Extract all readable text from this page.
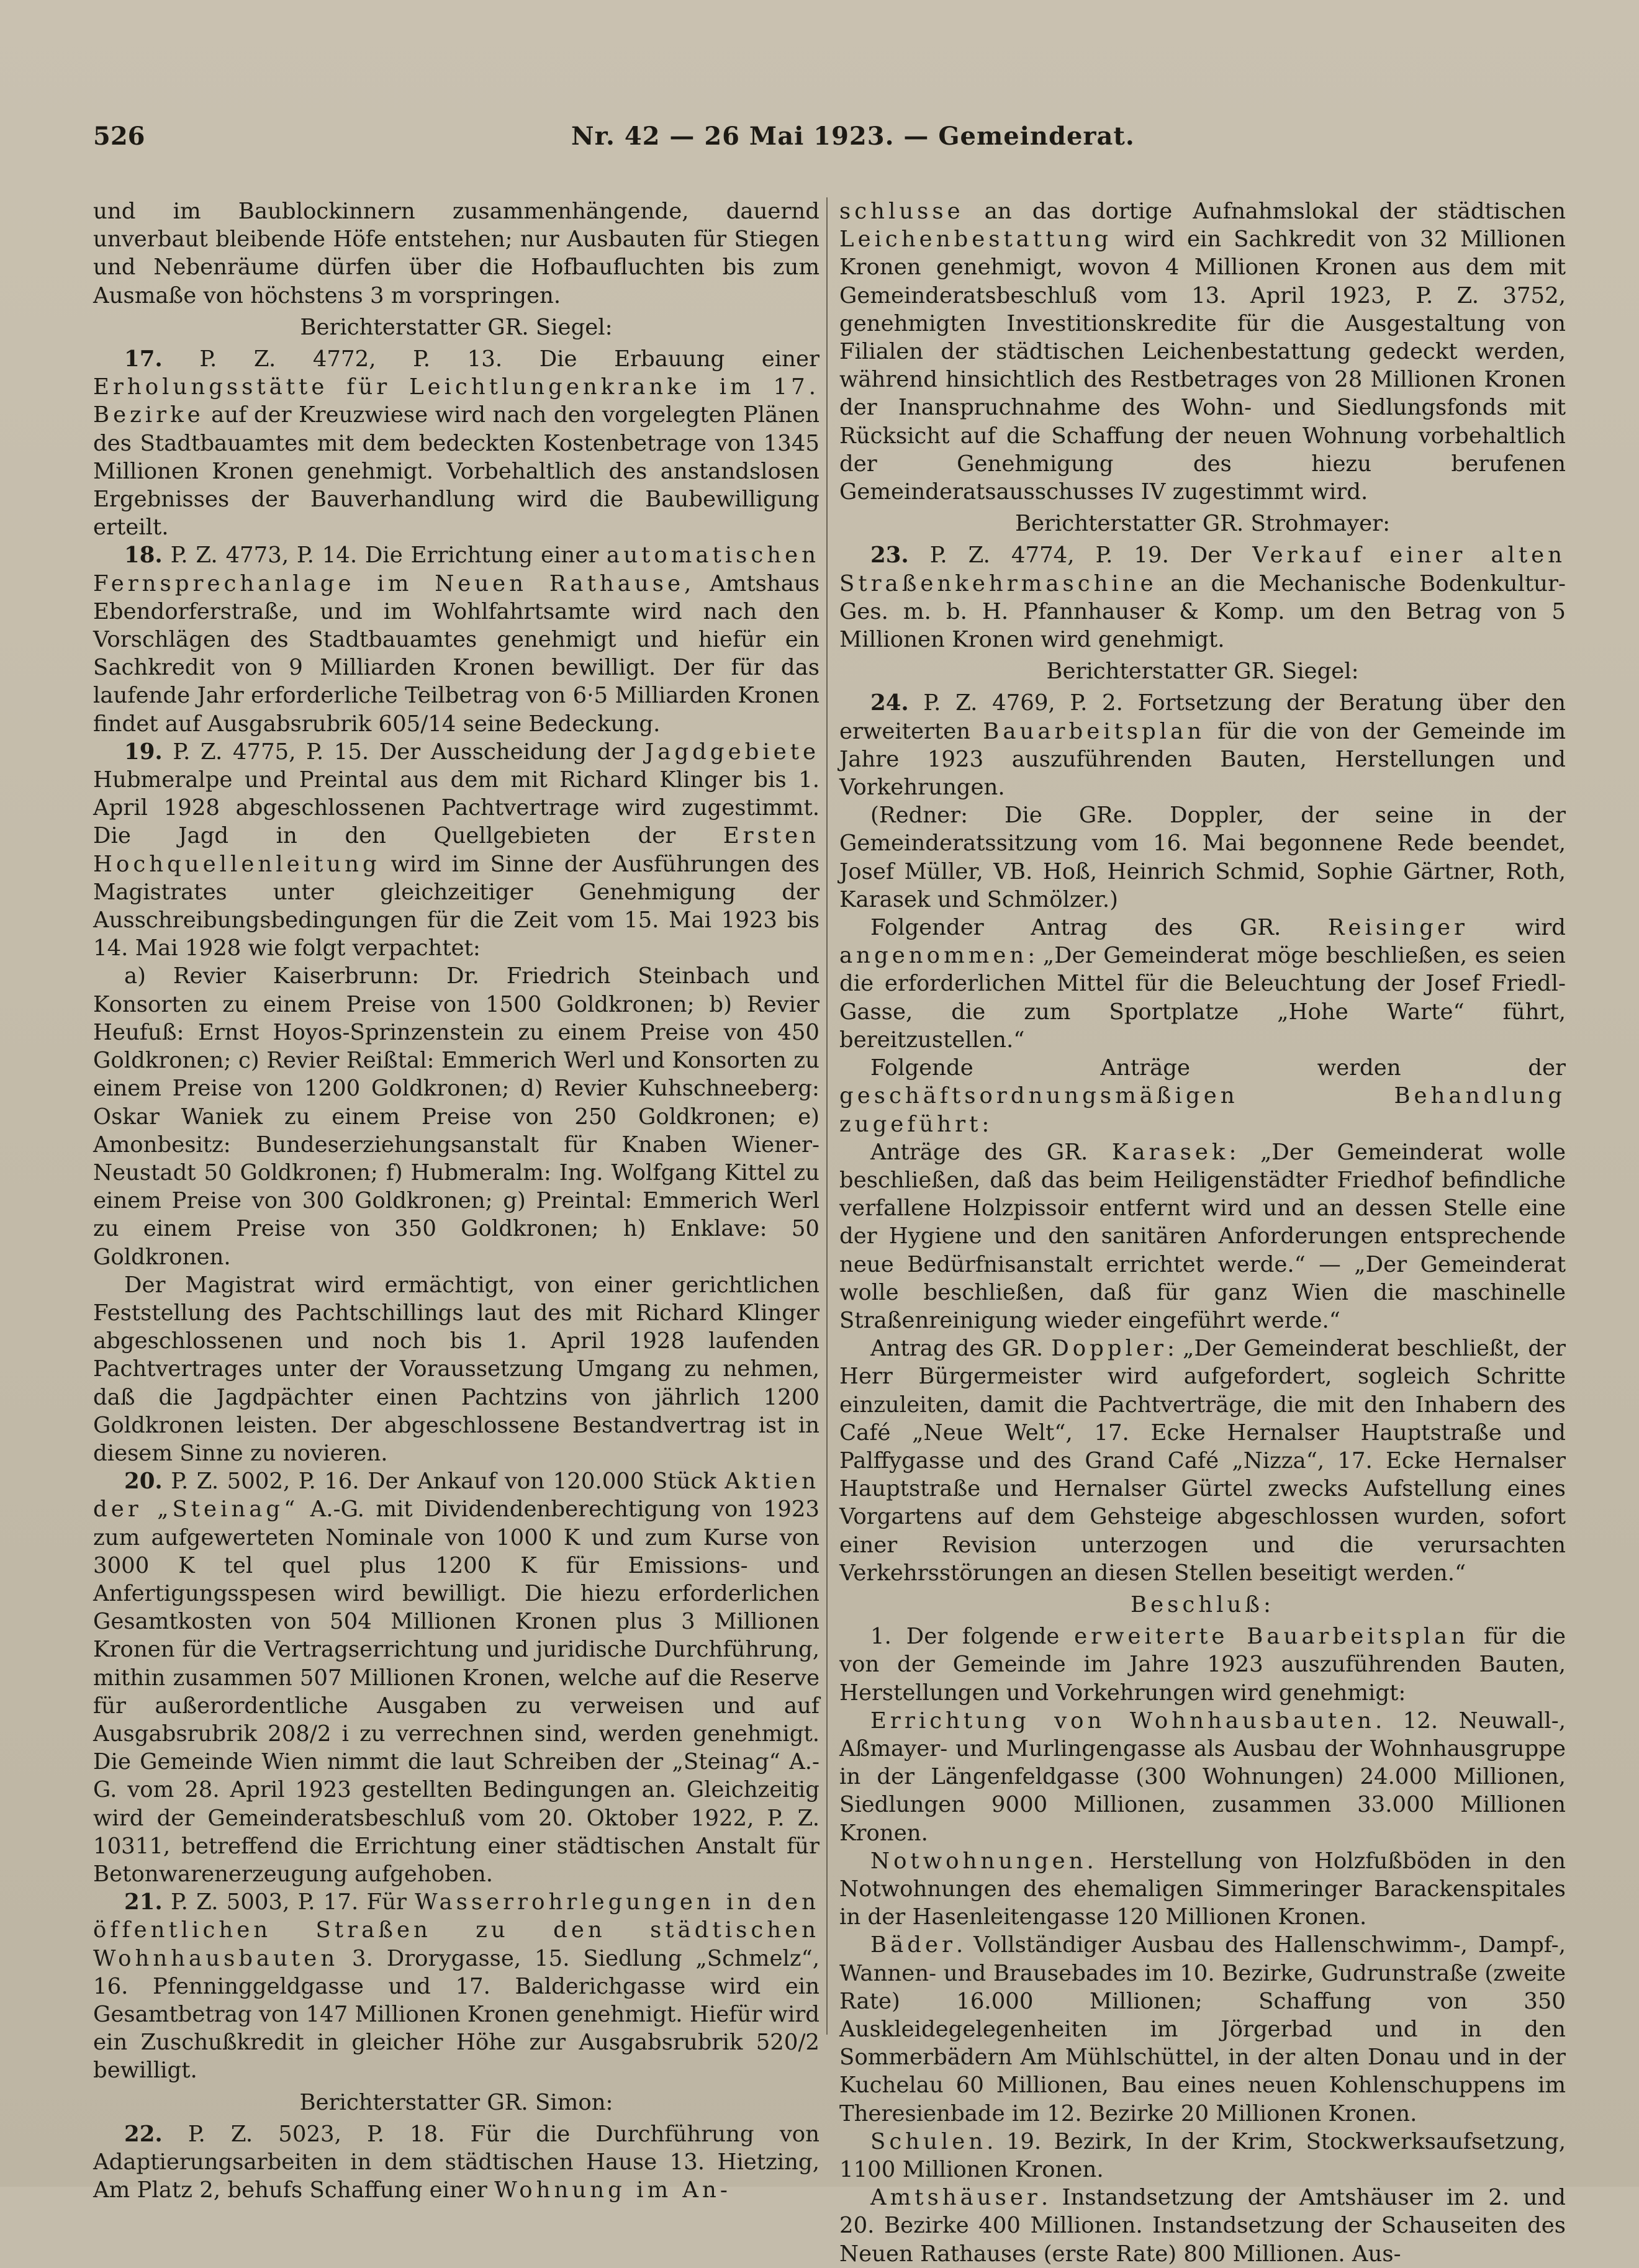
526	Nr. 42 — 26 Mai 1923. — Gemeinderat.

und im Baublockinnern zusammenhängende, dauernd unverbaut bleibende Höfe entstehen; nur Ausbauten für Stiegen und Nebenräume dürfen über die Hofbaufluchten bis zum Ausmaße von höchstens 3 m vorspringen.

Berichterstatter GR. Siegel:

17. P. Z. 4772, P. 13. Die Erbauung einer Erholungsstätte für Leichtlungenkranke im 17. Bezirke auf der Kreuzwiese wird nach den vorgelegten Plänen des Stadtbauamtes mit dem bedeckten Kostenbetrage von 1345 Millionen Kronen genehmigt. Vorbehaltlich des anstandslosen Ergebnisses der Bauverhandlung wird die Baubewilligung erteilt.

18. P. Z. 4773, P. 14. Die Errichtung einer automatischen Fernsprechanlage im Neuen Rathause, Amtshaus Ebendorferstraße, und im Wohlfahrtsamte wird nach den Vorschlägen des Stadtbauamtes genehmigt und hiefür ein Sachkredit von 9 Milliarden Kronen bewilligt. Der für das laufende Jahr erforderliche Teilbetrag von 6·5 Milliarden Kronen findet auf Ausgabsrubrik 605/14 seine Bedeckung.

19. P. Z. 4775, P. 15. Der Ausscheidung der Jagdgebiete Hubmeralpe und Preintal aus dem mit Richard Klinger bis 1. April 1928 abgeschlossenen Pachtvertrage wird zugestimmt. Die Jagd in den Quellgebieten der Ersten Hochquellenleitung wird im Sinne der Ausführungen des Magistrates unter gleichzeitiger Genehmigung der Ausschreibungsbedingungen für die Zeit vom 15. Mai 1923 bis 14. Mai 1928 wie folgt verpachtet:

a) Revier Kaiserbrunn: Dr. Friedrich Steinbach und Konsorten zu einem Preise von 1500 Goldkronen; b) Revier Heufuß: Ernst Hoyos-Sprinzenstein zu einem Preise von 450 Goldkronen; c) Revier Reißtal: Emmerich Werl und Konsorten zu einem Preise von 1200 Goldkronen; d) Revier Kuhschneeberg: Oskar Waniek zu einem Preise von 250 Goldkronen; e) Amonbesitz: Bundeserziehungsanstalt für Knaben Wiener-Neustadt 50 Goldkronen; f) Hubmeralm: Ing. Wolfgang Kittel zu einem Preise von 300 Goldkronen; g) Preintal: Emmerich Werl zu einem Preise von 350 Goldkronen; h) Enklave: 50 Goldkronen.

Der Magistrat wird ermächtigt, von einer gerichtlichen Feststellung des Pachtschillings laut des mit Richard Klinger abgeschlossenen und noch bis 1. April 1928 laufenden Pachtvertrages unter der Voraussetzung Umgang zu nehmen, daß die Jagdpächter einen Pachtzins von jährlich 1200 Goldkronen leisten. Der abgeschlossene Bestandvertrag ist in diesem Sinne zu novieren.

20. P. Z. 5002, P. 16. Der Ankauf von 120.000 Stück Aktien der „Steinag“ A.-G. mit Dividendenberechtigung von 1923 zum aufgewerteten Nominale von 1000 K und zum Kurse von 3000 K tel quel plus 1200 K für Emissions- und Anfertigungsspesen wird bewilligt. Die hiezu erforderlichen Gesamtkosten von 504 Millionen Kronen plus 3 Millionen Kronen für die Vertragserrichtung und juridische Durchführung, mithin zusammen 507 Millionen Kronen, welche auf die Reserve für außerordentliche Ausgaben zu verweisen und auf Ausgabsrubrik 208/2 i zu verrechnen sind, werden genehmigt. Die Gemeinde Wien nimmt die laut Schreiben der „Steinag“ A.-G. vom 28. April 1923 gestellten Bedingungen an. Gleichzeitig wird der Gemeinderatsbeschluß vom 20. Oktober 1922, P. Z. 10311, betreffend die Errichtung einer städtischen Anstalt für Betonwarenerzeugung aufgehoben.

21. P. Z. 5003, P. 17. Für Wasserrohrlegungen in den öffentlichen Straßen zu den städtischen Wohnhausbauten 3. Drorygasse, 15. Siedlung „Schmelz“, 16. Pfenninggeldgasse und 17. Balderichgasse wird ein Gesamtbetrag von 147 Millionen Kronen genehmigt. Hiefür wird ein Zuschußkredit in gleicher Höhe zur Ausgabsrubrik 520/2 bewilligt.

Berichterstatter GR. Simon:

22. P. Z. 5023, P. 18. Für die Durchführung von Adaptierungsarbeiten in dem städtischen Hause 13. Hietzing, Am Platz 2, behufs Schaffung einer Wohnung im An-

schlusse an das dortige Aufnahmslokal der städtischen Leichenbestattung wird ein Sachkredit von 32 Millionen Kronen genehmigt, wovon 4 Millionen Kronen aus dem mit Gemeinderatsbeschluß vom 13. April 1923, P. Z. 3752, genehmigten Investitionskredite für die Ausgestaltung von Filialen der städtischen Leichenbestattung gedeckt werden, während hinsichtlich des Restbetrages von 28 Millionen Kronen der Inanspruchnahme des Wohn- und Siedlungsfonds mit Rücksicht auf die Schaffung der neuen Wohnung vorbehaltlich der Genehmigung des hiezu berufenen Gemeinderatsausschusses IV zugestimmt wird.

Berichterstatter GR. Strohmayer:

23. P. Z. 4774, P. 19. Der Verkauf einer alten Straßenkehrmaschine an die Mechanische Bodenkultur-Ges. m. b. H. Pfannhauser & Komp. um den Betrag von 5 Millionen Kronen wird genehmigt.

Berichterstatter GR. Siegel:

24. P. Z. 4769, P. 2. Fortsetzung der Beratung über den erweiterten Bauarbeitsplan für die von der Gemeinde im Jahre 1923 auszuführenden Bauten, Herstellungen und Vorkehrungen.

(Redner: Die GRe. Doppler, der seine in der Gemeinderatssitzung vom 16. Mai begonnene Rede beendet, Josef Müller, VB. Hoß, Heinrich Schmid, Sophie Gärtner, Roth, Karasek und Schmölzer.)

Folgender Antrag des GR. Reisinger wird angenommen: „Der Gemeinderat möge beschließen, es seien die erforderlichen Mittel für die Beleuchtung der Josef Friedl-Gasse, die zum Sportplatze „Hohe Warte“ führt, bereitzustellen.“

Folgende Anträge werden der geschäftsordnungsmäßigen Behandlung zugeführt:

Anträge des GR. Karasek: „Der Gemeinderat wolle beschließen, daß das beim Heiligenstädter Friedhof befindliche verfallene Holzpissoir entfernt wird und an dessen Stelle eine der Hygiene und den sanitären Anforderungen entsprechende neue Bedürfnisanstalt errichtet werde.“ — „Der Gemeinderat wolle beschließen, daß für ganz Wien die maschinelle Straßenreinigung wieder eingeführt werde.“

Antrag des GR. Doppler: „Der Gemeinderat beschließt, der Herr Bürgermeister wird aufgefordert, sogleich Schritte einzuleiten, damit die Pachtverträge, die mit den Inhabern des Café „Neue Welt“, 17. Ecke Hernalser Hauptstraße und Palffygasse und des Grand Café „Nizza“, 17. Ecke Hernalser Hauptstraße und Hernalser Gürtel zwecks Aufstellung eines Vorgartens auf dem Gehsteige abgeschlossen wurden, sofort einer Revision unterzogen und die verursachten Verkehrsstörungen an diesen Stellen beseitigt werden.“

Beschluß:

1. Der folgende erweiterte Bauarbeitsplan für die von der Gemeinde im Jahre 1923 auszuführenden Bauten, Herstellungen und Vorkehrungen wird genehmigt:

Errichtung von Wohnhausbauten. 12. Neuwall-, Aßmayer- und Murlingengasse als Ausbau der Wohnhausgruppe in der Längenfeldgasse (300 Wohnungen) 24.000 Millionen, Siedlungen 9000 Millionen, zusammen 33.000 Millionen Kronen.

Notwohnungen. Herstellung von Holzfußböden in den Notwohnungen des ehemaligen Simmeringer Barackenspitales in der Hasenleitengasse 120 Millionen Kronen.

Bäder. Vollständiger Ausbau des Hallenschwimm-, Dampf-, Wannen- und Brausebades im 10. Bezirke, Gudrunstraße (zweite Rate) 16.000 Millionen; Schaffung von 350 Auskleidegelegenheiten im Jörgerbad und in den Sommerbädern Am Mühlschüttel, in der alten Donau und in der Kuchelau 60 Millionen, Bau eines neuen Kohlenschuppens im Theresienbade im 12. Bezirke 20 Millionen Kronen.

Schulen. 19. Bezirk, In der Krim, Stockwerksaufsetzung, 1100 Millionen Kronen.

Amtshäuser. Instandsetzung der Amtshäuser im 2. und 20. Bezirke 400 Millionen. Instandsetzung der Schauseiten des Neuen Rathauses (erste Rate) 800 Millionen. Aus-
